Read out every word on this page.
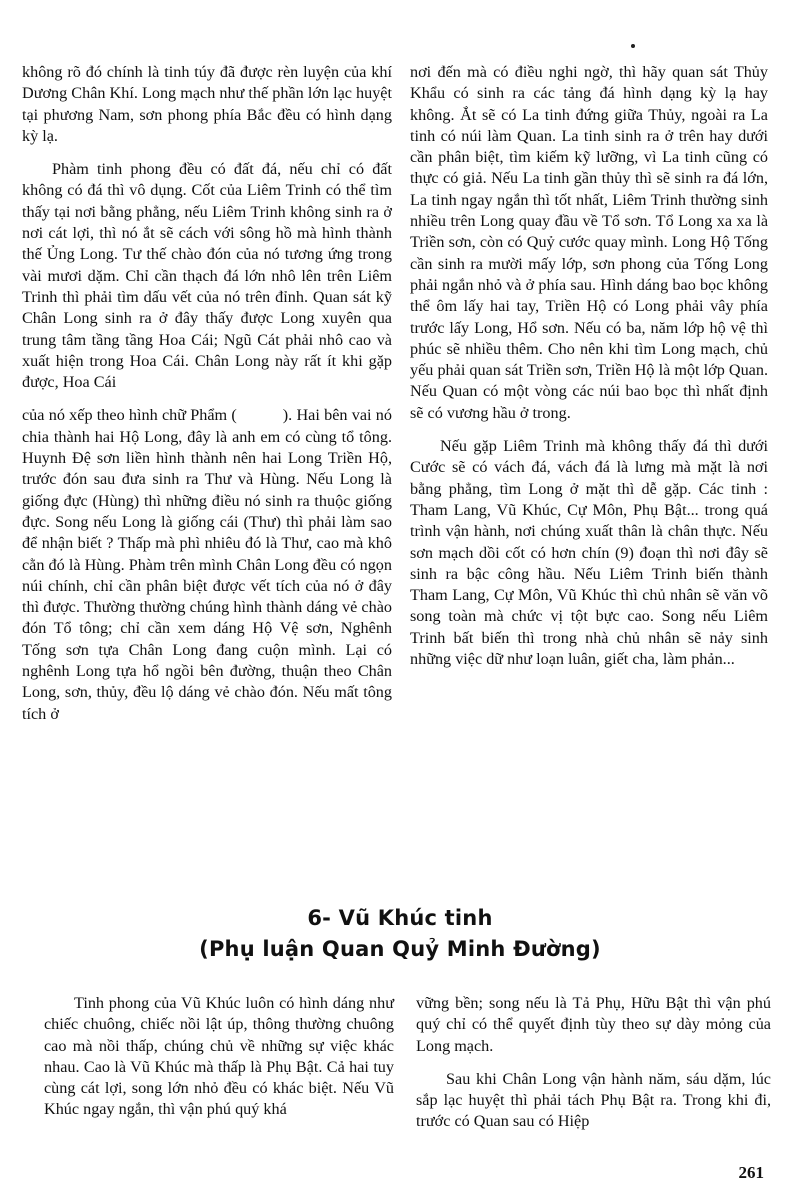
không rõ đó chính là tinh túy đã được rèn luyện của khí Dương Chân Khí. Long mạch như thế phần lớn lạc huyệt tại phương Nam, sơn phong phía Bắc đều có hình dạng kỳ lạ.

Phàm tinh phong đều có đất đá, nếu chỉ có đất không có đá thì vô dụng. Cốt của Liêm Trinh có thể tìm thấy tại nơi bằng phẳng, nếu Liêm Trinh không sinh ra ở nơi cát lợi, thì nó ắt sẽ cách với sông hồ mà hình thành thế Ủng Long. Tư thế chào đón của nó tương ứng trong vài mươi dặm. Chỉ cần thạch đá lớn nhô lên trên Liêm Trinh thì phải tìm dấu vết của nó trên đỉnh. Quan sát kỹ Chân Long sinh ra ở đây thấy được Long xuyên qua trung tâm tầng tầng Hoa Cái; Ngũ Cát phải nhô cao và xuất hiện trong Hoa Cái. Chân Long này rất ít khi gặp được, Hoa Cái

của nó xếp theo hình chữ Phẩm (	). Hai bên vai nó chia thành hai Hộ Long, đây là anh em có cùng tổ tông. Huynh Đệ sơn liền hình thành nên hai Long Triền Hộ, trước đón sau đưa sinh ra Thư và Hùng. Nếu Long là giống đực (Hùng) thì những điều nó sinh ra thuộc giống đực. Song nếu Long là giống cái (Thư) thì phải làm sao để nhận biết ? Thấp mà phì nhiêu đó là Thư, cao mà khô cằn đó là Hùng. Phàm trên mình Chân Long đều có ngọn núi chính, chỉ cần phân biệt được vết tích của nó ở đây thì được. Thường thường chúng hình thành dáng vẻ chào đón Tổ tông; chỉ cần xem dáng Hộ Vệ sơn, Nghênh Tống sơn tựa Chân Long đang cuộn mình. Lại có nghênh Long tựa hổ ngồi bên đường, thuận theo Chân Long, sơn, thủy, đều lộ dáng vẻ chào đón. Nếu mất tông tích ở

nơi đến mà có điều nghi ngờ, thì hãy quan sát Thủy Khẩu có sinh ra các tảng đá hình dạng kỳ lạ hay không. Ắt sẽ có La tinh đứng giữa Thủy, ngoài ra La tinh có núi làm Quan. La tinh sinh ra ở trên hay dưới cần phân biệt, tìm kiếm kỹ lưỡng, vì La tinh cũng có thực có giả. Nếu La tinh gần thủy thì sẽ sinh ra đá lớn, La tinh ngay ngắn thì tốt nhất, Liêm Trinh thường sinh nhiều trên Long quay đầu về Tổ sơn. Tổ Long xa xa là Triền sơn, còn có Quỷ cước quay mình. Long Hộ Tống cần sinh ra mười mấy lớp, sơn phong của Tống Long phải ngắn nhỏ và ở phía sau. Hình dáng bao bọc không thể ôm lấy hai tay, Triền Hộ có Long phải vây phía trước lấy Long, Hổ sơn. Nếu có ba, năm lớp hộ vệ thì phúc sẽ nhiều thêm. Cho nên khi tìm Long mạch, chủ yếu phải quan sát Triền sơn, Triền Hộ là một lớp Quan. Nếu Quan có một vòng các núi bao bọc thì nhất định sẽ có vương hầu ở trong.

Nếu gặp Liêm Trinh mà không thấy đá thì dưới Cước sẽ có vách đá, vách đá là lưng mà mặt là nơi bằng phẳng, tìm Long ở mặt thì dễ gặp. Các tinh : Tham Lang, Vũ Khúc, Cự Môn, Phụ Bật... trong quá trình vận hành, nơi chúng xuất thân là chân thực. Nếu sơn mạch dồi cốt có hơn chín (9) đoạn thì nơi đây sẽ sinh ra bậc công hầu. Nếu Liêm Trinh biến thành Tham Lang, Cự Môn, Vũ Khúc thì chủ nhân sẽ văn võ song toàn mà chức vị tột bực cao. Song nếu Liêm Trinh bất biến thì trong nhà chủ nhân sẽ nảy sinh những việc dữ như loạn luân, giết cha, làm phản...

6- Vũ Khúc tinh
(Phụ luận Quan Quỷ Minh Đường)

Tinh phong của Vũ Khúc luôn có hình dáng như chiếc chuông, chiếc nồi lật úp, thông thường chuông cao mà nồi thấp, chúng chủ về những sự việc khác nhau. Cao là Vũ Khúc mà thấp là Phụ Bật. Cả hai tuy cùng cát lợi, song lớn nhỏ đều có khác biệt. Nếu Vũ Khúc ngay ngắn, thì vận phú quý khá

vững bền; song nếu là Tả Phụ, Hữu Bật thì vận phú quý chỉ có thể quyết định tùy theo sự dày mỏng của Long mạch.

Sau khi Chân Long vận hành năm, sáu dặm, lúc sắp lạc huyệt thì phải tách Phụ Bật ra. Trong khi đi, trước có Quan sau có Hiệp

261
